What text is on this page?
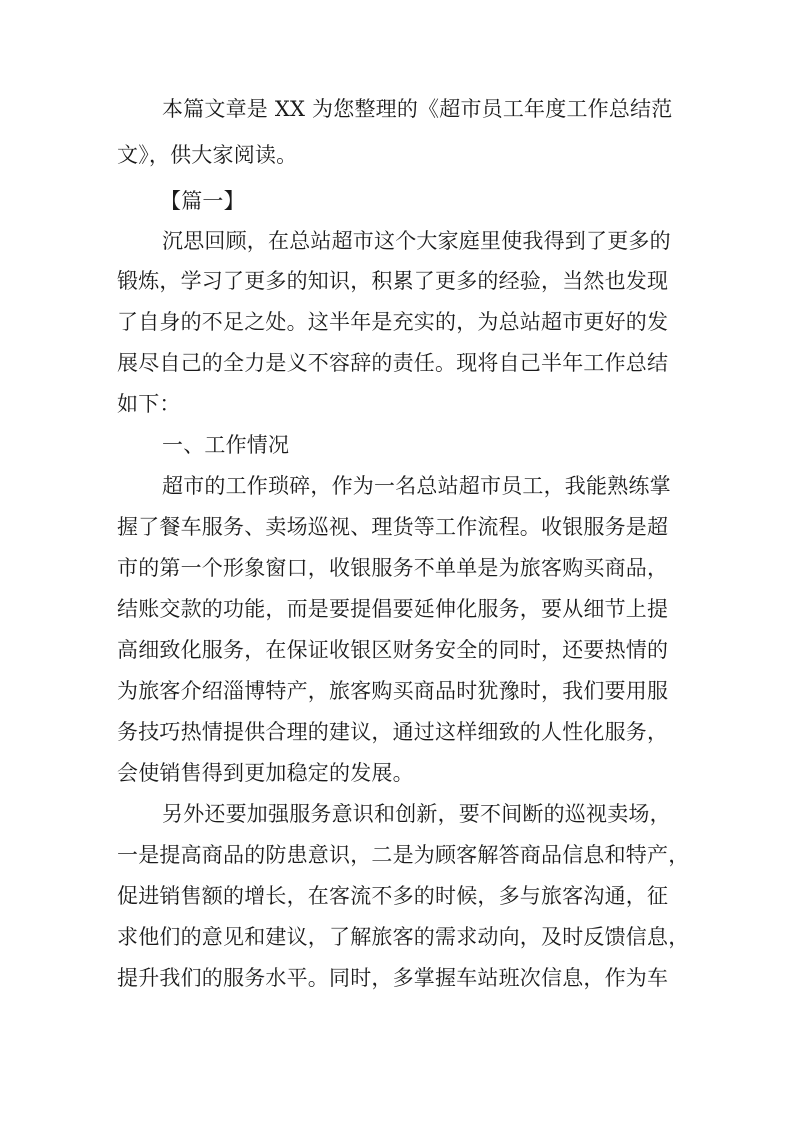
本篇文章是 XX 为您整理的《超市员工年度工作总结范
文》，供大家阅读。
【篇一】
沉思回顾，在总站超市这个大家庭里使我得到了更多的
锻炼，学习了更多的知识，积累了更多的经验，当然也发现
了自身的不足之处。这半年是充实的，为总站超市更好的发
展尽自己的全力是义不容辞的责任。现将自己半年工作总结
如下：
一、工作情况
超市的工作琐碎，作为一名总站超市员工，我能熟练掌
握了餐车服务、卖场巡视、理货等工作流程。收银服务是超
市的第一个形象窗口，收银服务不单单是为旅客购买商品，
结账交款的功能，而是要提倡要延伸化服务，要从细节上提
高细致化服务，在保证收银区财务安全的同时，还要热情的
为旅客介绍淄博特产，旅客购买商品时犹豫时，我们要用服
务技巧热情提供合理的建议，通过这样细致的人性化服务，
会使销售得到更加稳定的发展。
另外还要加强服务意识和创新，要不间断的巡视卖场，
一是提高商品的防患意识，二是为顾客解答商品信息和特产，
促进销售额的增长，在客流不多的时候，多与旅客沟通，征
求他们的意见和建议，了解旅客的需求动向，及时反馈信息，
提升我们的服务水平。同时，多掌握车站班次信息，作为车
